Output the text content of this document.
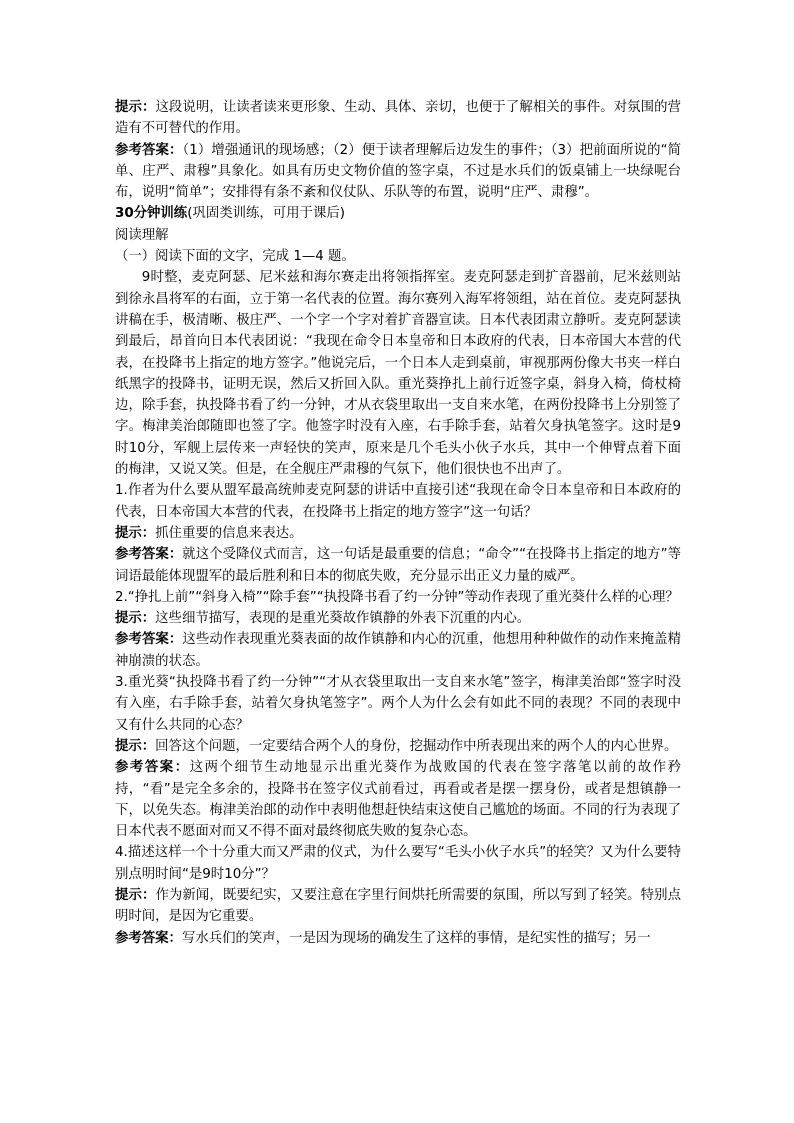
提示：这段说明，让读者读来更形象、生动、具体、亲切，也便于了解相关的事件。对氛围的营造有不可替代的作用。

参考答案：（1）增强通讯的现场感；（2）便于读者理解后边发生的事件；（3）把前面所说的“简单、庄严、肃穆”具象化。如具有历史文物价值的签字桌，不过是水兵们的饭桌铺上一块绿呢台布，说明“简单”；安排得有条不紊和仪仗队、乐队等的布置，说明“庄严、肃穆”。

30分钟训练(巩固类训练，可用于课后)

阅读理解

（一）阅读下面的文字，完成 1—4 题。

9时整，麦克阿瑟、尼米兹和海尔赛走出将领指挥室。麦克阿瑟走到扩音器前，尼米兹则站到徐永昌将军的右面，立于第一名代表的位置。海尔赛列入海军将领组，站在首位。麦克阿瑟执讲稿在手，极清晰、极庄严、一个字一个字对着扩音器宣读。日本代表团肃立静听。麦克阿瑟读到最后，昂首向日本代表团说：“我现在命令日本皇帝和日本政府的代表，日本帝国大本营的代表，在投降书上指定的地方签字。”他说完后，一个日本人走到桌前，审视那两份像大书夹一样白纸黑字的投降书，证明无误，然后又折回入队。重光葵挣扎上前行近签字桌，斜身入椅，倚杖椅边，除手套，执投降书看了约一分钟，才从衣袋里取出一支自来水笔，在两份投降书上分别签了字。梅津美治郎随即也签了字。他签字时没有入座，右手除手套，站着欠身执笔签字。这时是9时10分，军舰上层传来一声轻快的笑声，原来是几个毛头小伙子水兵，其中一个伸臂点着下面的梅津，又说又笑。但是，在全舰庄严肃穆的气氛下，他们很快也不出声了。

1.作者为什么要从盟军最高统帅麦克阿瑟的讲话中直接引述“我现在命令日本皇帝和日本政府的代表，日本帝国大本营的代表，在投降书上指定的地方签字”这一句话？

提示：抓住重要的信息来表达。

参考答案：就这个受降仪式而言，这一句话是最重要的信息；“命令”“在投降书上指定的地方”等词语最能体现盟军的最后胜利和日本的彻底失败，充分显示出正义力量的威严。

2.“挣扎上前”“斜身入椅”“除手套”“执投降书看了约一分钟”等动作表现了重光葵什么样的心理？

提示：这些细节描写，表现的是重光葵故作镇静的外表下沉重的内心。

参考答案：这些动作表现重光葵表面的故作镇静和内心的沉重，他想用种种做作的动作来掩盖精神崩溃的状态。

3.重光葵“执投降书看了约一分钟”“才从衣袋里取出一支自来水笔”签字，梅津美治郎“签字时没有入座，右手除手套，站着欠身执笔签字”。两个人为什么会有如此不同的表现？不同的表现中又有什么共同的心态？

提示：回答这个问题，一定要结合两个人的身份，挖掘动作中所表现出来的两个人的内心世界。

参考答案：这两个细节生动地显示出重光葵作为战败国的代表在签字落笔以前的故作矜持，“看”是完全多余的，投降书在签字仪式前看过，再看或者是摆一摆身份，或者是想镇静一下，以免失态。梅津美治郎的动作中表明他想赶快结束这使自己尴尬的场面。不同的行为表现了日本代表不愿面对而又不得不面对最终彻底失败的复杂心态。

4.描述这样一个十分重大而又严肃的仪式，为什么要写“毛头小伙子水兵”的轻笑？又为什么要特别点明时间“是9时10分”？

提示：作为新闻，既要纪实，又要注意在字里行间烘托所需要的氛围，所以写到了轻笑。特别点明时间，是因为它重要。

参考答案：写水兵们的笑声，一是因为现场的确发生了这样的事情，是纪实性的描写；另一
